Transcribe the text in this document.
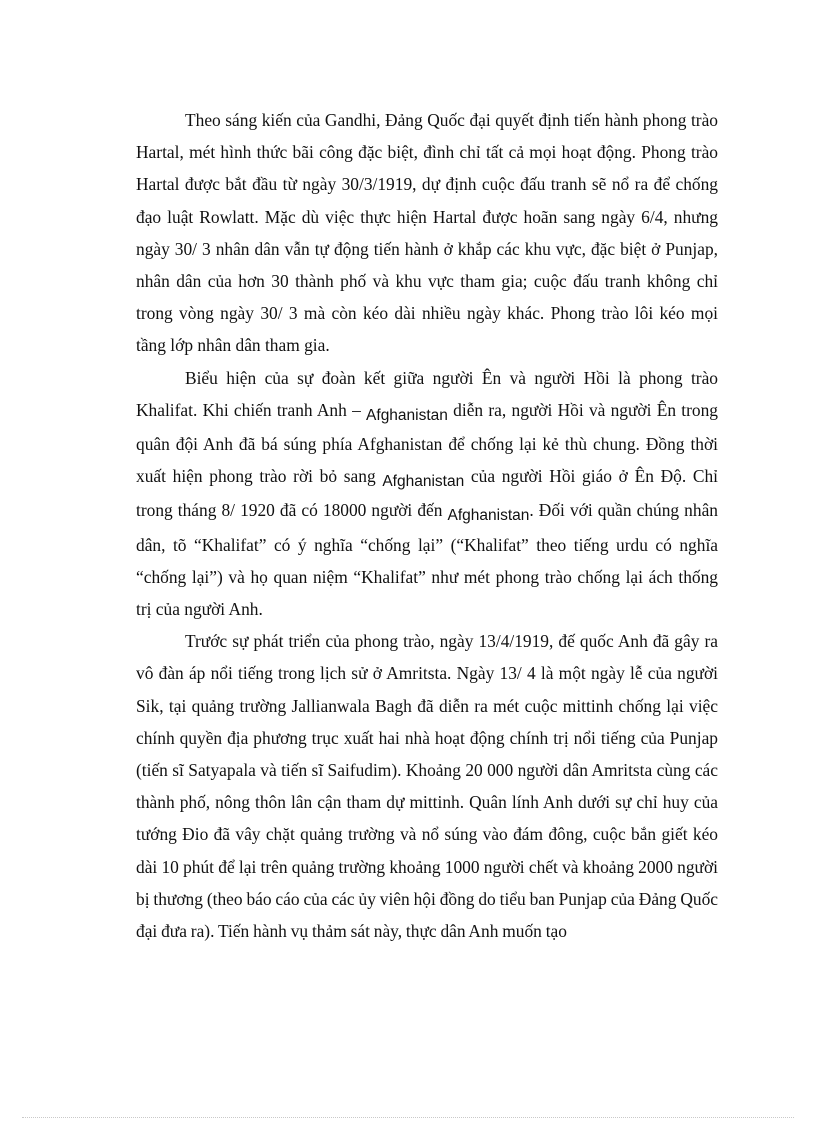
Theo sáng kiến của Gandhi, Đảng Quốc đại quyết định tiến hành phong trào Hartal, mét hình thức bãi công đặc biệt, đình chỉ tất cả mọi hoạt động. Phong trào Hartal được bắt đầu từ ngày 30/3/1919, dự định cuộc đấu tranh sẽ nổ ra để chống đạo luật Rowlatt. Mặc dù việc thực hiện Hartal được hoãn sang ngày 6/4, nhưng ngày 30/ 3 nhân dân vẫn tự động tiến hành ở khắp các khu vực, đặc biệt ở Punjap, nhân dân của hơn 30 thành phố và khu vực tham gia; cuộc đấu tranh không chỉ trong vòng ngày 30/ 3 mà còn kéo dài nhiều ngày khác. Phong trào lôi kéo mọi tầng lớp nhân dân tham gia.

Biểu hiện của sự đoàn kết giữa người Ên và người Hồi là phong trào Khalifat. Khi chiến tranh Anh – Afghanistan diễn ra, người Hồi và người Ên trong quân đội Anh đã bá súng phía Afghanistan để chống lại kẻ thù chung. Đồng thời xuất hiện phong trào rời bỏ sang Afghanistan của người Hồi giáo ở Ên Độ. Chỉ trong tháng 8/ 1920 đã có 18000 người đến Afghanistan. Đối với quần chúng nhân dân, tõ “Khalifat” có ý nghĩa “chống lại” (“Khalifat” theo tiếng urdu có nghĩa “chống lại”) và họ quan niệm “Khalifat” như mét phong trào chống lại ách thống trị của người Anh.

Trước sự phát triển của phong trào, ngày 13/4/1919, đế quốc Anh đã gây ra vô đàn áp nổi tiếng trong lịch sử ở Amritsta. Ngày 13/ 4 là một ngày lễ của người Sik, tại quảng trường Jallianwala Bagh đã diễn ra mét cuộc mittinh chống lại việc chính quyền địa phương trục xuất hai nhà hoạt động chính trị nổi tiếng của Punjap (tiến sĩ Satyapala và tiến sĩ Saifudim). Khoảng 20 000 người dân Amritsta cùng các thành phố, nông thôn lân cận tham dự mittinh. Quân lính Anh dưới sự chỉ huy của tướng Đio đã vây chặt quảng trường và nổ súng vào đám đông, cuộc bắn giết kéo dài 10 phút để lại trên quảng trường khoảng 1000 người chết và khoảng 2000 người bị thương (theo báo cáo của các ủy viên hội đồng do tiểu ban Punjap của Đảng Quốc đại đưa ra). Tiến hành vụ thảm sát này, thực dân Anh muốn tạo
